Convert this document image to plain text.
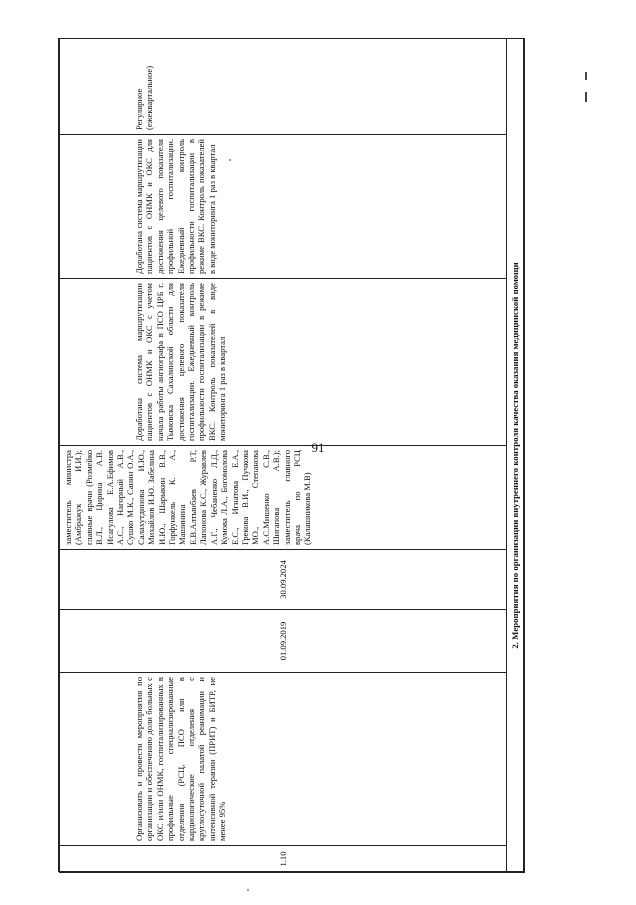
91
1.10	Организовать и провести мероприятия по организации и обеспечению доли больных с ОКС и/или ОНМК, госпитализированных в профильные специализированные отделения (РСЦ, ПСО или в кардиологические отделения с круглосуточной палатой реанимации и интенсивной терапии (ПРИТ) и БИТР, не менее 95%	01.09.2019	30.09.2024	заместитель министра (Амбражук И.И.); главные врачи (Розмейко В.Л., Цирина А.В. Исагулова Е.А.Ефимов А.С., Нагорный А.В., Сушко М.К., Санин О.А., Салахутдинова И.Ю., Михайлов И.Ю. Забелина И.Ю., Шарыкин В.В., Горфункель К. А., Машинина Е.В.Алтынбаев Р.Т, Лапонова К.С., Журавлев А.Г., Чебаненко Л.Д., Кумова Л.А., Богомолова Е.С., Игнатова Е.А., Грекова В.И., Пучкова МО., Степанова А.С.Мишенко С.В., Шигапова А.В.); заместитель главного врача по РСЦ (Калашникова М.В)	Доработана система маршрутизации пациентов с ОНМК и ОКС с учетом начала работы ангиографа в ПСО ЦРБ г. Тымовска Сахалинской области для достижения целевого показателя госпитализации. Ежедневный контроль профильности госпитализации в режиме ВКС. Контроль показателей в виде мониторинга 1 раз в квартал	Доработана система маршрутизации пациентов с ОНМК и ОКС для достижения целевого показателя профильной госпитализации. Ежедневный контроль профильности госпитализации в режиме ВКС. Контроль показателей в виде мониторинга 1 раз в квартал	Регулярное (ежеквартальное)
2. Мероприятия по организации внутреннего контроля качества оказания медицинской помощи
